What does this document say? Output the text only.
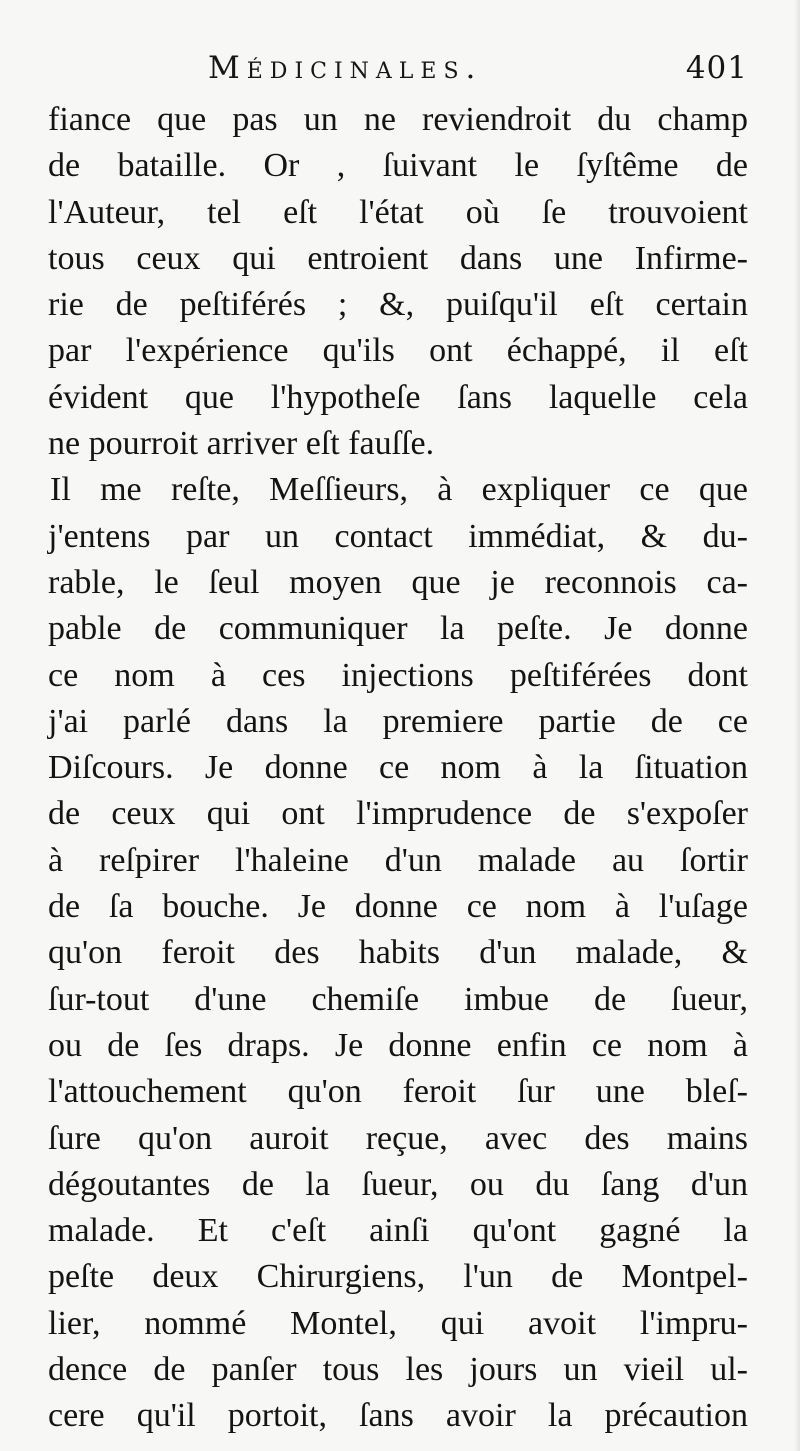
Médicinales.	401
fiance que pas un ne reviendroit du champ
de bataille. Or , ſuivant le ſyſtême de
l'Auteur, tel eſt l'état où ſe trouvoient
tous ceux qui entroient dans une Infirme-
rie de peſtiférés ; &, puiſqu'il eſt certain
par l'expérience qu'ils ont échappé, il eſt
évident que l'hypotheſe ſans laquelle cela
ne pourroit arriver eſt fauſſe.
Il me reſte, Meſſieurs, à expliquer ce que
j'entens par un contact immédiat, & du-
rable, le ſeul moyen que je reconnois ca-
pable de communiquer la peſte. Je donne
ce nom à ces injections peſtiférées dont
j'ai parlé dans la premiere partie de ce
Diſcours. Je donne ce nom à la ſituation
de ceux qui ont l'imprudence de s'expoſer
à reſpirer l'haleine d'un malade au ſortir
de ſa bouche. Je donne ce nom à l'uſage
qu'on feroit des habits d'un malade, &
ſur-tout d'une chemiſe imbue de ſueur,
ou de ſes draps. Je donne enfin ce nom à
l'attouchement qu'on feroit ſur une bleſ-
ſure qu'on auroit reçue, avec des mains
dégoutantes de la ſueur, ou du ſang d'un
malade. Et c'eſt ainſi qu'ont gagné la
peſte deux Chirurgiens, l'un de Montpel-
lier, nommé Montel, qui avoit l'impru-
dence de panſer tous les jours un vieil ul-
cere qu'il portoit, ſans avoir la précaution
